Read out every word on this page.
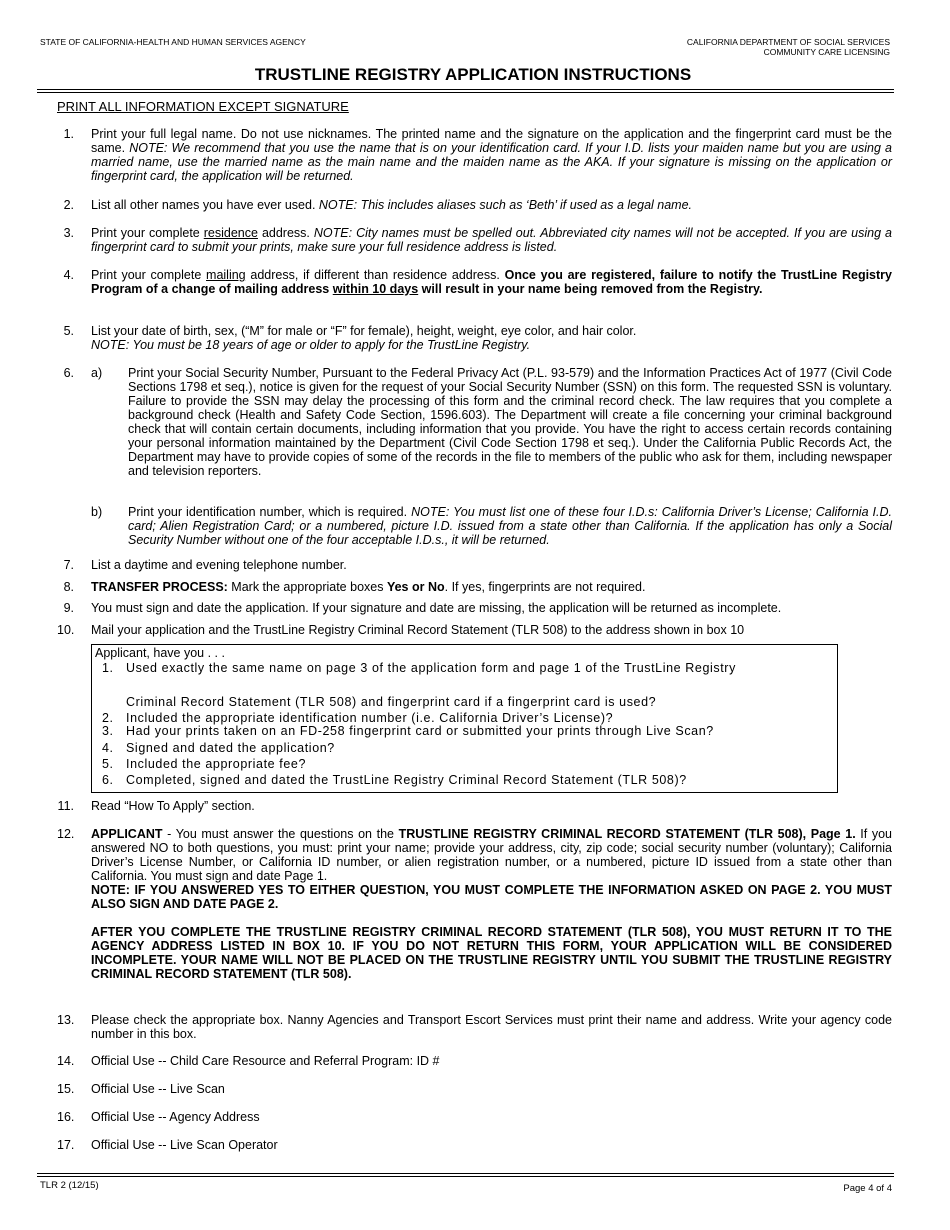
STATE OF CALIFORNIA-HEALTH AND HUMAN SERVICES AGENCY	CALIFORNIA DEPARTMENT OF SOCIAL SERVICES
COMMUNITY CARE LICENSING
TRUSTLINE REGISTRY APPLICATION INSTRUCTIONS
PRINT ALL INFORMATION EXCEPT SIGNATURE
1. Print your full legal name. Do not use nicknames. The printed name and the signature on the application and the fingerprint card must be the same. NOTE: We recommend that you use the name that is on your identification card. If your I.D. lists your maiden name but you are using a married name, use the married name as the main name and the maiden name as the AKA. If your signature is missing on the application or fingerprint card, the application will be returned.
2. List all other names you have ever used. NOTE: This includes aliases such as ‘Beth’ if used as a legal name.
3. Print your complete residence address. NOTE: City names must be spelled out. Abbreviated city names will not be accepted. If you are using a fingerprint card to submit your prints, make sure your full residence address is listed.
4. Print your complete mailing address, if different than residence address. Once you are registered, failure to notify the TrustLine Registry Program of a change of mailing address within 10 days will result in your name being removed from the Registry.
5. List your date of birth, sex, (“M” for male or “F” for female), height, weight, eye color, and hair color.
NOTE: You must be 18 years of age or older to apply for the TrustLine Registry.
6. a) Print your Social Security Number, Pursuant to the Federal Privacy Act (P.L. 93-579) and the Information Practices Act of 1977 (Civil Code Sections 1798 et seq.), notice is given for the request of your Social Security Number (SSN) on this form. The requested SSN is voluntary. Failure to provide the SSN may delay the processing of this form and the criminal record check. The law requires that you complete a background check (Health and Safety Code Section, 1596.603). The Department will create a file concerning your criminal background check that will contain certain documents, including information that you provide. You have the right to access certain records containing your personal information maintained by the Department (Civil Code Section 1798 et seq.). Under the California Public Records Act, the Department may have to provide copies of some of the records in the file to members of the public who ask for them, including newspaper and television reporters.
b) Print your identification number, which is required. NOTE: You must list one of these four I.D.s: California Driver’s License; California I.D. card; Alien Registration Card; or a numbered, picture I.D. issued from a state other than California. If the application has only a Social Security Number without one of the four acceptable I.D.s., it will be returned.
7. List a daytime and evening telephone number.
8. TRANSFER PROCESS: Mark the appropriate boxes Yes or No. If yes, fingerprints are not required.
9. You must sign and date the application. If your signature and date are missing, the application will be returned as incomplete.
10. Mail your application and the TrustLine Registry Criminal Record Statement (TLR 508) to the address shown in box 10
Applicant, have you . . .
1. Used exactly the same name on page 3 of the application form and page 1 of the TrustLine Registry
Criminal Record Statement (TLR 508) and fingerprint card if a fingerprint card is used?
2. Included the appropriate identification number (i.e. California Driver’s License)?
3. Had your prints taken on an FD-258 fingerprint card or submitted your prints through Live Scan?
4. Signed and dated the application?
5. Included the appropriate fee?
6. Completed, signed and dated the TrustLine Registry Criminal Record Statement (TLR 508)?
11. Read “How To Apply” section.
12. APPLICANT - You must answer the questions on the TRUSTLINE REGISTRY CRIMINAL RECORD STATEMENT (TLR 508), Page 1. If you answered NO to both questions, you must: print your name; provide your address, city, zip code; social security number (voluntary); California Driver’s License Number, or California ID number, or alien registration number, or a numbered, picture ID issued from a state other than California. You must sign and date Page 1.
NOTE: IF YOU ANSWERED YES TO EITHER QUESTION, YOU MUST COMPLETE THE INFORMATION ASKED ON PAGE 2. YOU MUST ALSO SIGN AND DATE PAGE 2.
AFTER YOU COMPLETE THE TRUSTLINE REGISTRY CRIMINAL RECORD STATEMENT (TLR 508), YOU MUST RETURN IT TO THE AGENCY ADDRESS LISTED IN BOX 10. IF YOU DO NOT RETURN THIS FORM, YOUR APPLICATION WILL BE CONSIDERED INCOMPLETE. YOUR NAME WILL NOT BE PLACED ON THE TRUSTLINE REGISTRY UNTIL YOU SUBMIT THE TRUSTLINE REGISTRY CRIMINAL RECORD STATEMENT (TLR 508).
13. Please check the appropriate box. Nanny Agencies and Transport Escort Services must print their name and address. Write your agency code number in this box.
14. Official Use -- Child Care Resource and Referral Program: ID #
15. Official Use -- Live Scan
16. Official Use -- Agency Address
17. Official Use -- Live Scan Operator
TLR 2 (12/15)	Page 4 of 4
